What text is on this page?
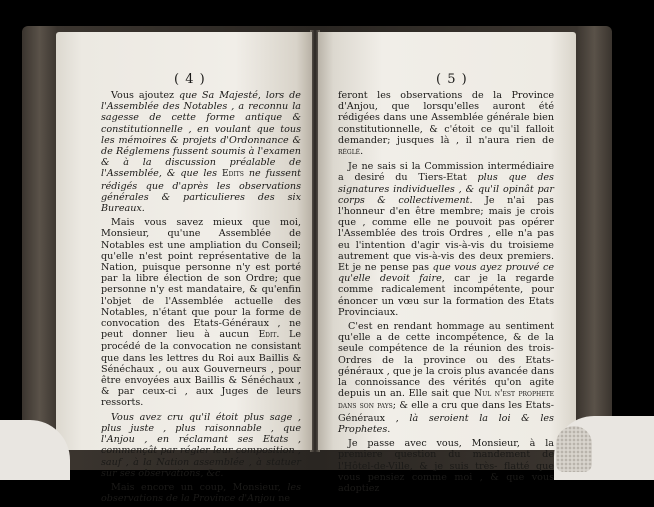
( 4 )

Vous ajoutez que Sa Majesté, lors de l'Assemblée des Notables , a reconnu la sagesse de cette forme antique & constitutionnelle , en voulant que tous les mémoires & projets d'Ordonnance & de Réglemens fussent soumis à l'examen & à la discussion préalable de l'Assemblée, & que les Edits ne fussent rédigés que d'après les observations générales & particulieres des six Bureaux.

Mais vous savez mieux que moi, Monsieur, qu'une Assemblée de Notables est une ampliation du Conseil; qu'elle n'est point représentative de la Nation, puisque personne n'y est porté par la libre élection de son Ordre; que personne n'y est mandataire, & qu'enfin l'objet de l'Assemblée actuelle des Notables, n'étant que pour la forme de convocation des Etats-Généraux , ne peut donner lieu à aucun Edit. Le procédé de la convocation ne consistant que dans les lettres du Roi aux Baillis & Sénéchaux , ou aux Gouverneurs , pour être envoyées aux Baillis & Sénéchaux , & par ceux-ci , aux Juges de leurs ressorts.

Vous avez cru qu'il étoit plus sage , plus juste , plus raisonnable , que l'Anjou , en réclamant ses Etats , commençât par régler leur composition , sauf , à la Nation assemblée , à statuer sur ses observations, &c.

Mais encore un coup, Monsieur, les observations de la Province d'Anjou ne

( 5 )

feront les observations de la Province d'Anjou, que lorsqu'elles auront été rédigées dans une Assemblée générale bien constitutionnelle, & c'étoit ce qu'il falloit demander; jusques là , il n'aura rien de réglé.

Je ne sais si la Commission intermédiaire a desiré du Tiers-Etat plus que des signatures individuelles , & qu'il opinât par corps & collectivement. Je n'ai pas l'honneur d'en être membre; mais je crois que , comme elle ne pouvoit pas opérer l'Assemblée des trois Ordres , elle n'a pas eu l'intention d'agir vis-à-vis du troisieme autrement que vis-à-vis des deux premiers. Et je ne pense pas que vous ayez prouvé ce qu'elle devoit faire, car je la regarde comme radicalement incompétente, pour énoncer un vœu sur la formation des Etats Provinciaux.

C'est en rendant hommage au sentiment qu'elle a de cette incompétence, & de la seule compétence de la réunion des trois-Ordres de la province ou des Etats-généraux , que je la crois plus avancée dans la connoissance des vérités qu'on agite depuis un an. Elle sait que Nul n'est prophete dans son pays; & elle a cru que dans les Etats-Généraux , là seroient la loi & les Prophetes.

Je passe avec vous, Monsieur, à la premiere question du mandement de l'Hôtel-de-Ville, & je suis très- flatté que vous pensiez comme moi , & que vous adoptiez
